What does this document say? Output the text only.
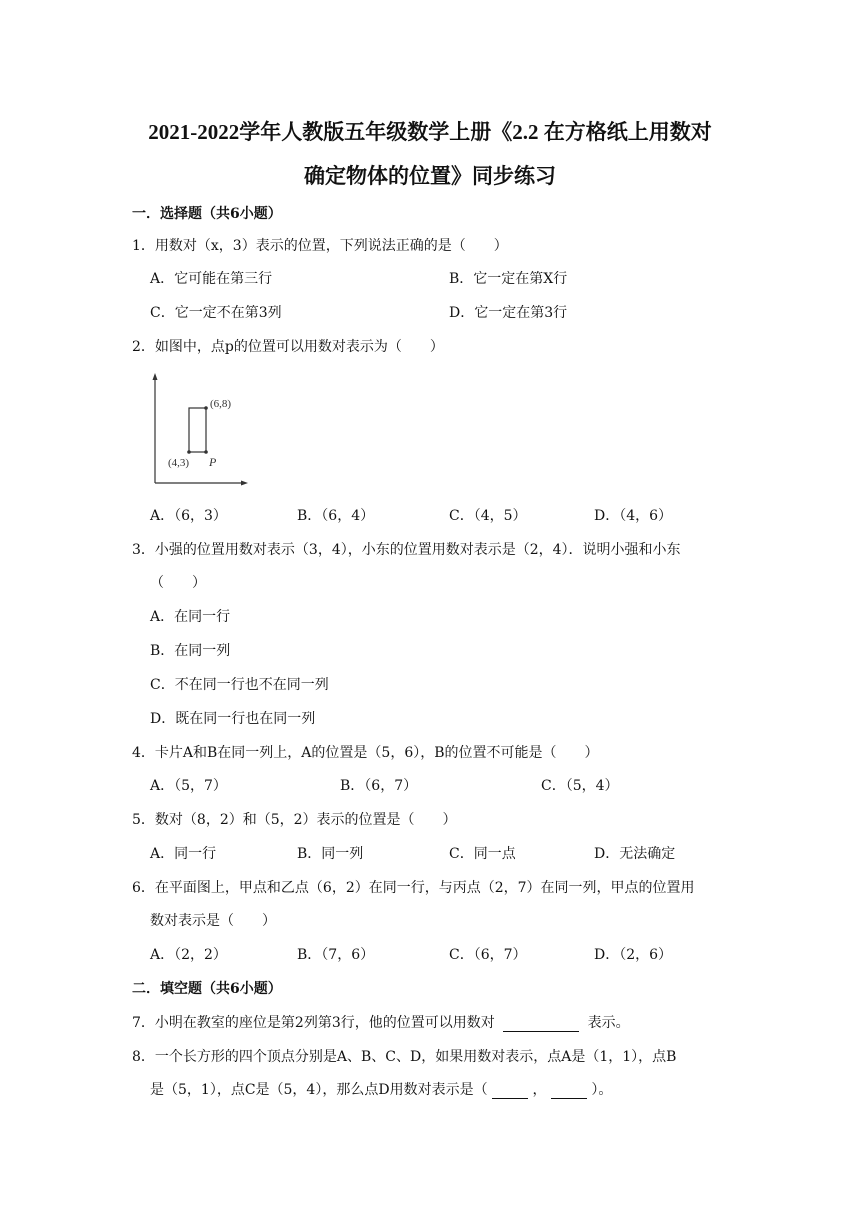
2021-2022学年人教版五年级数学上册《2.2 在方格纸上用数对
确定物体的位置》同步练习
一．选择题（共6小题）
1．用数对（x，3）表示的位置，下列说法正确的是（　　）
A．它可能在第三行	B．它一定在第X行
C．它一定不在第3列	D．它一定在第3行
2．如图中，点p的位置可以用数对表示为（　　）
(6,8)
(4,3) P
A．（6，3）	B．（6，4）	C．（4，5）	D．（4，6）
3．小强的位置用数对表示（3，4），小东的位置用数对表示是（2，4）．说明小强和小东
（　　）
A．在同一行
B．在同一列
C．不在同一行也不在同一列
D．既在同一行也在同一列
4．卡片A和B在同一列上，A的位置是（5，6），B的位置不可能是（　　）
A．（5，7）	B．（6，7）	C．（5，4）
5．数对（8，2）和（5，2）表示的位置是（　　）
A．同一行	B．同一列	C．同一点	D．无法确定
6．在平面图上，甲点和乙点（6，2）在同一行，与丙点（2，7）在同一列，甲点的位置用
数对表示是（　　）
A．（2，2）	B．（7，6）	C．（6，7）	D．（2，6）
二．填空题（共6小题）
7．小明在教室的座位是第2列第3行，他的位置可以用数对	表示。
8．一个长方形的四个顶点分别是A、B、C、D，如果用数对表示，点A是（1，1），点B
是（5，1），点C是（5，4），那么点D用数对表示是（	，	）。
